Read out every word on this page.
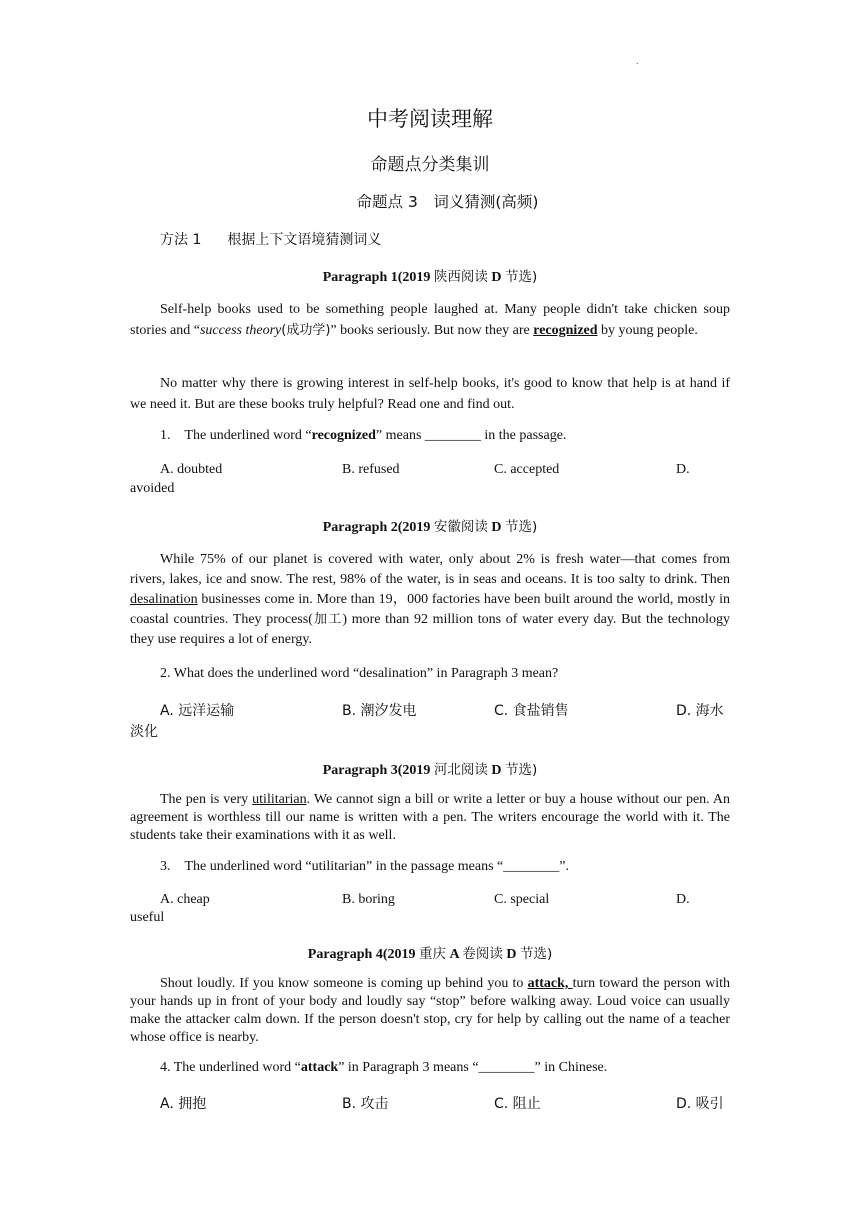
.
中考阅读理解
命题点分类集训
命题点 3　词义猜测(高频)
方法 1 根据上下文语境猜测词义
Paragraph 1(2019 陕西阅读 D 节选)

Self-help books used to be something people laughed at. Many people didn't take chicken soup stories and “success theory(成功学)” books seriously. But now they are recognized by young people.

No matter why there is growing interest in self-help books, it's good to know that help is at hand if we need it. But are these books truly helpful? Read one and find out.

1. The underlined word “recognized” means ________ in the passage.
A. doubted	B. refused	C. accepted	D.
avoided
Paragraph 2(2019 安徽阅读 D 节选)

While 75% of our planet is covered with water, only about 2% is fresh water—that comes from rivers, lakes, ice and snow. The rest, 98% of the water, is in seas and oceans. It is too salty to drink. Then desalination businesses come in. More than 19，000 factories have been built around the world, mostly in coastal countries. They process(加工) more than 92 million tons of water every day. But the technology they use requires a lot of energy.

2. What does the underlined word “desalination” in Paragraph 3 mean?
A. 远洋运输	B. 潮汐发电	C. 食盐销售	D. 海水
淡化
Paragraph 3(2019 河北阅读 D 节选)

The pen is very utilitarian. We cannot sign a bill or write a letter or buy a house without our pen. An agreement is worthless till our name is written with a pen. The writers encourage the world with it. The students take their examinations with it as well.

3. The underlined word “utilitarian” in the passage means “________”.
A. cheap	B. boring	C. special	D.
useful
Paragraph 4(2019 重庆 A 卷阅读 D 节选)

Shout loudly. If you know someone is coming up behind you to attack, turn toward the person with your hands up in front of your body and loudly say “stop” before walking away. Loud voice can usually make the attacker calm down. If the person doesn't stop, cry for help by calling out the name of a teacher whose office is nearby.

4. The underlined word “attack” in Paragraph 3 means “________” in Chinese.
A. 拥抱	B. 攻击	C. 阻止	D. 吸引
